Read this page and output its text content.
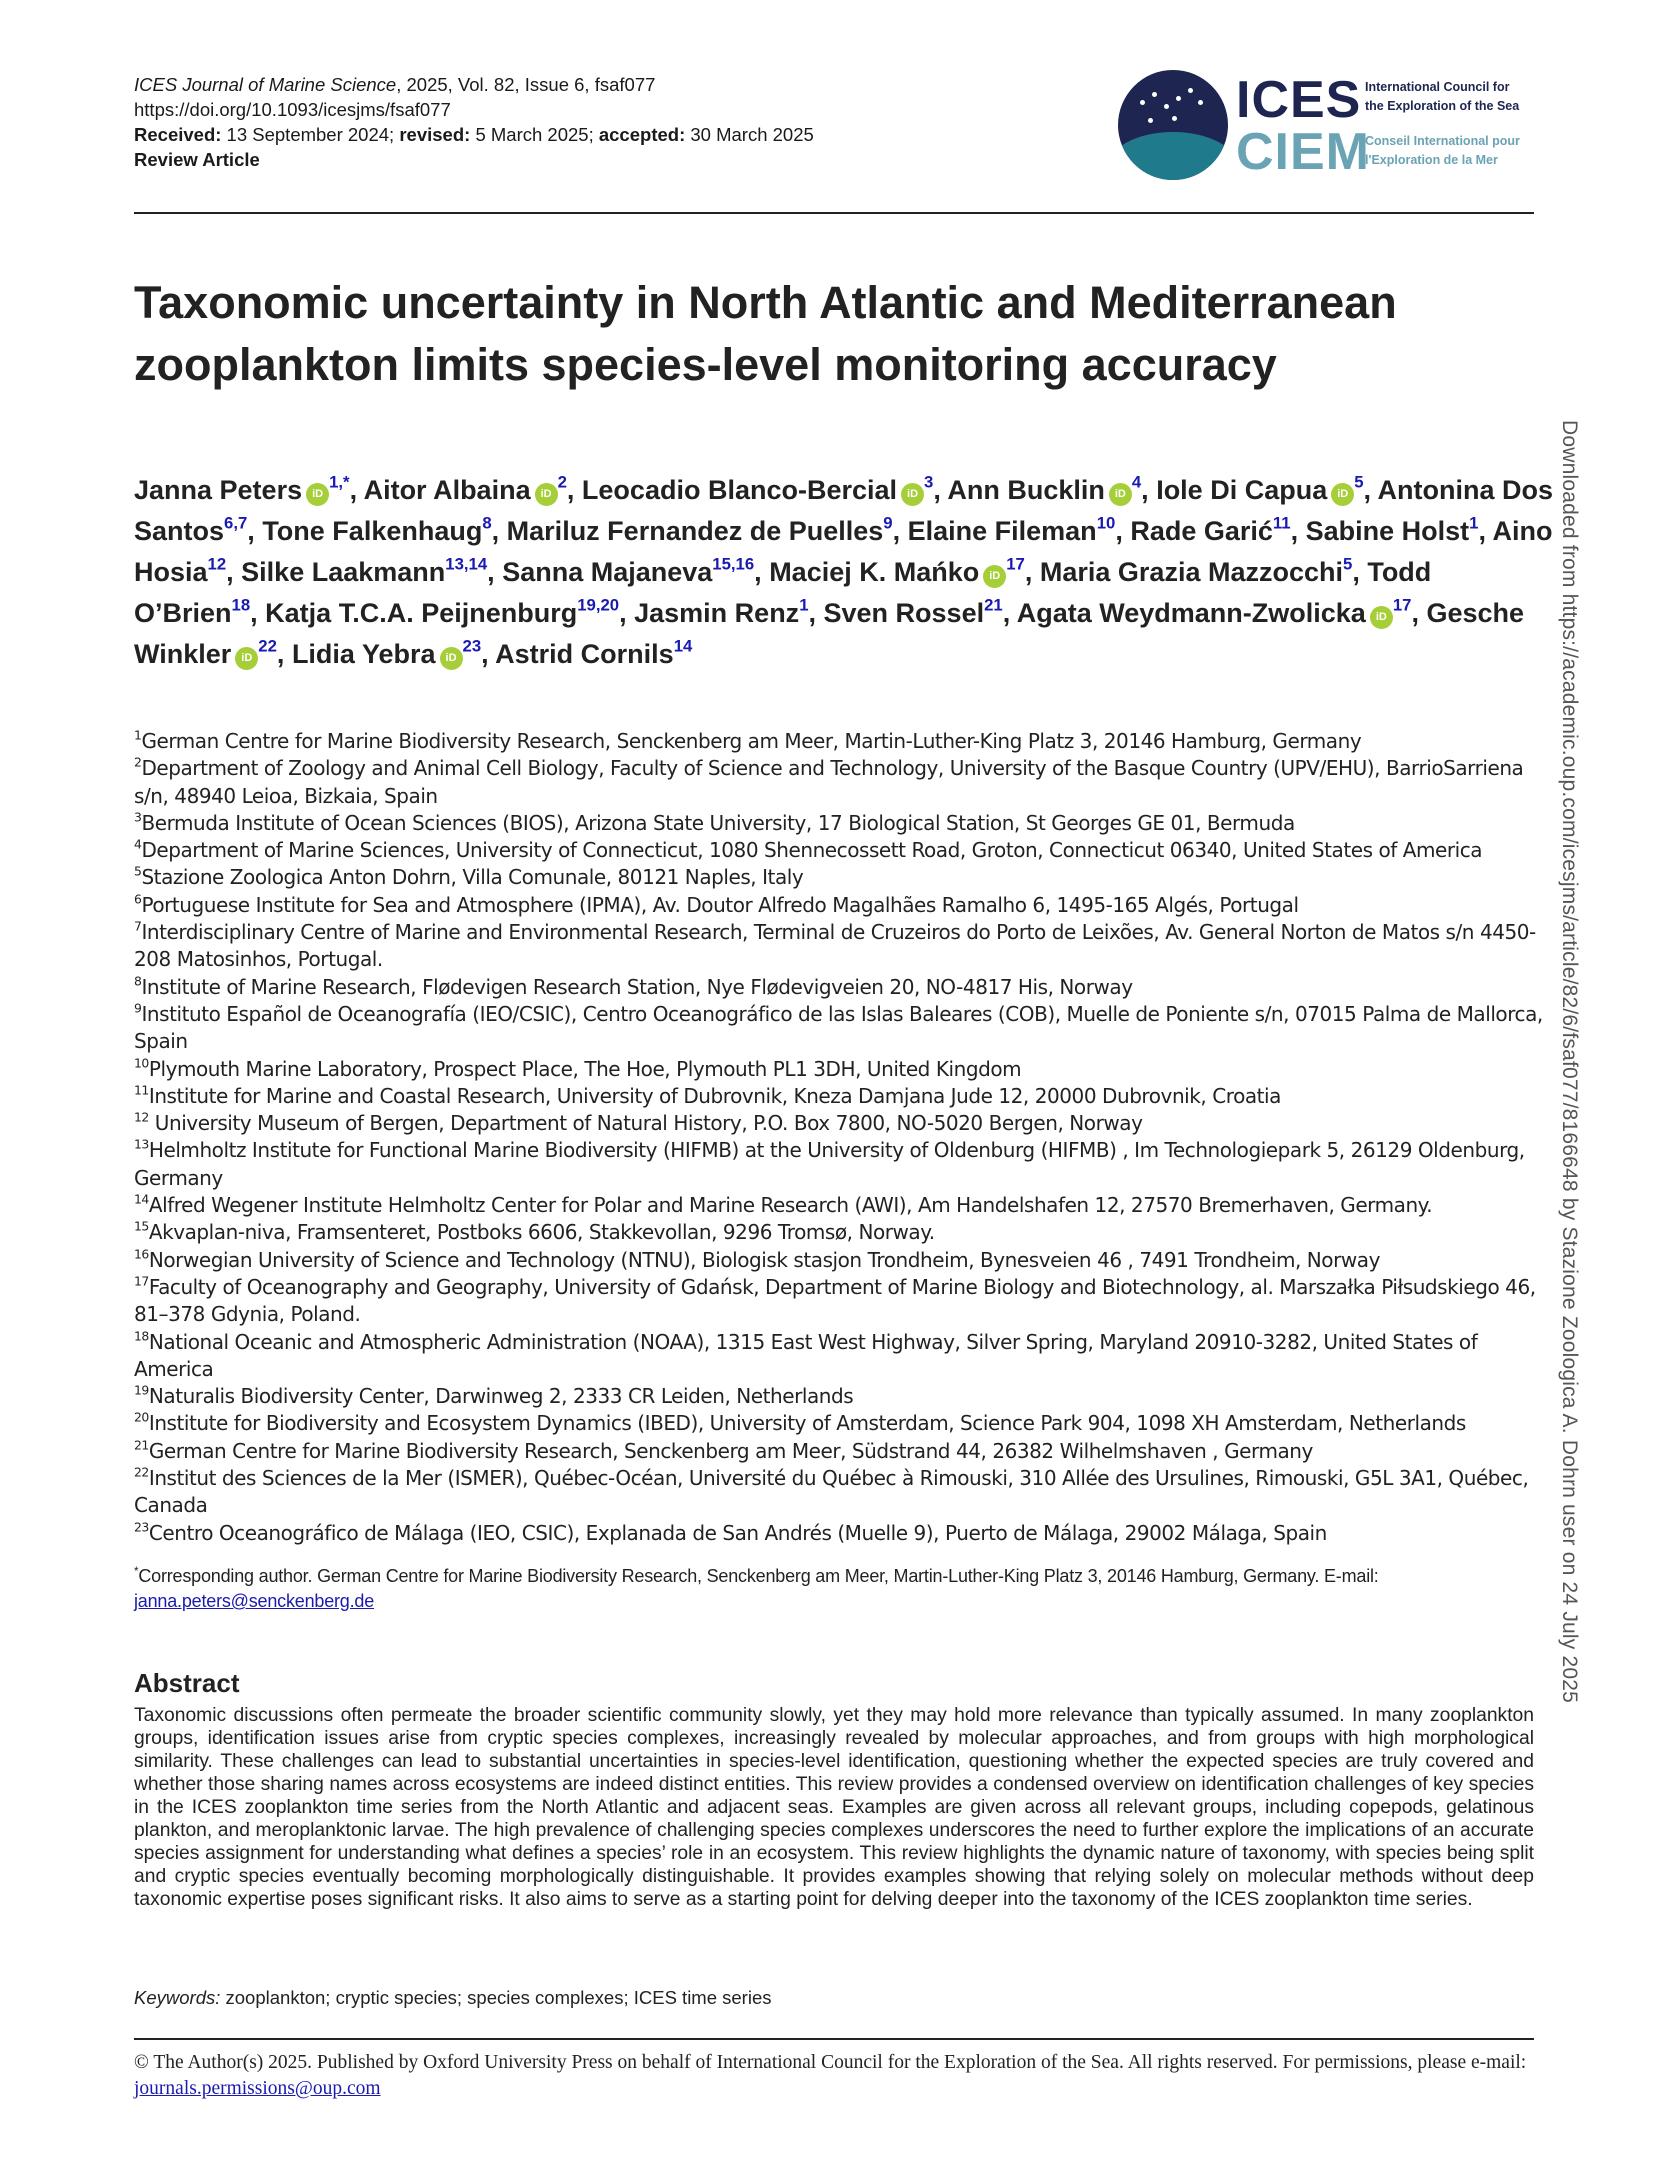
ICES Journal of Marine Science, 2025, Vol. 82, Issue 6, fsaf077
https://doi.org/10.1093/icesjms/fsaf077
Received: 13 September 2024; revised: 5 March 2025; accepted: 30 March 2025
Review Article
ICES
CIEM
International Council for
the Exploration of the Sea
Conseil International pour
l'Exploration de la Mer
Taxonomic uncertainty in North Atlantic and Mediterranean zooplankton limits species-level monitoring accuracy
Janna Peters $iD^{1,*}$, Aitor Albaina $iD^2$, Leocadio Blanco-Bercial $iD^3$, Ann Bucklin $iD^4$, Iole Di Capua $iD^5$, Antonina Dos Santos$^{6,7}$, Tone Falkenhaug$^8$, Mariluz Fernandez de Puelles$^9$, Elaine Fileman$^{10}$, Rade Garić$^{11}$, Sabine Holst$^1$, Aino Hosia$^{12}$, Silke Laakmann$^{13,14}$, Sanna Majaneva$^{15,16}$, Maciej K. Mańko $iD^{17}$, Maria Grazia Mazzocchi$^5$, Todd O’Brien$^{18}$, Katja T.C.A. Peijnenburg$^{19,20}$, Jasmin Renz$^1$, Sven Rossel$^{21}$, Agata Weydmann-Zwolicka $iD^{17}$, Gesche Winkler $iD^{22}$, Lidia Yebra $iD^{23}$, Astrid Cornils$^{14}$
$^1$German Centre for Marine Biodiversity Research, Senckenberg am Meer, Martin-Luther-King Platz 3, 20146 Hamburg, Germany
$^2$Department of Zoology and Animal Cell Biology, Faculty of Science and Technology, University of the Basque Country (UPV/EHU), BarrioSarriena s/n, 48940 Leioa, Bizkaia, Spain
$^3$Bermuda Institute of Ocean Sciences (BIOS), Arizona State University, 17 Biological Station, St Georges GE 01, Bermuda
$^4$Department of Marine Sciences, University of Connecticut, 1080 Shennecossett Road, Groton, Connecticut 06340, United States of America
$^5$Stazione Zoologica Anton Dohrn, Villa Comunale, 80121 Naples, Italy
$^6$Portuguese Institute for Sea and Atmosphere (IPMA), Av. Doutor Alfredo Magalhães Ramalho 6, 1495-165 Algés, Portugal
$^7$Interdisciplinary Centre of Marine and Environmental Research, Terminal de Cruzeiros do Porto de Leixões, Av. General Norton de Matos s/n 4450-208 Matosinhos, Portugal.
$^8$Institute of Marine Research, Flødevigen Research Station, Nye Flødevigveien 20, NO-4817 His, Norway
$^9$Instituto Español de Oceanografía (IEO/CSIC), Centro Oceanográfico de las Islas Baleares (COB), Muelle de Poniente s/n, 07015 Palma de Mallorca, Spain
$^{10}$Plymouth Marine Laboratory, Prospect Place, The Hoe, Plymouth PL1 3DH, United Kingdom
$^{11}$Institute for Marine and Coastal Research, University of Dubrovnik, Kneza Damjana Jude 12, 20000 Dubrovnik, Croatia
$^{12}$ University Museum of Bergen, Department of Natural History, P.O. Box 7800, NO-5020 Bergen, Norway
$^{13}$Helmholtz Institute for Functional Marine Biodiversity (HIFMB) at the University of Oldenburg (HIFMB) , Im Technologiepark 5, 26129 Oldenburg, Germany
$^{14}$Alfred Wegener Institute Helmholtz Center for Polar and Marine Research (AWI), Am Handelshafen 12, 27570 Bremerhaven, Germany.
$^{15}$Akvaplan-niva, Framsenteret, Postboks 6606, Stakkevollan, 9296 Tromsø, Norway.
$^{16}$Norwegian University of Science and Technology (NTNU), Biologisk stasjon Trondheim, Bynesveien 46 , 7491 Trondheim, Norway
$^{17}$Faculty of Oceanography and Geography, University of Gdańsk, Department of Marine Biology and Biotechnology, al. Marszałka Piłsudskiego 46, 81–378 Gdynia, Poland.
$^{18}$National Oceanic and Atmospheric Administration (NOAA), 1315 East West Highway, Silver Spring, Maryland 20910-3282, United States of America
$^{19}$Naturalis Biodiversity Center, Darwinweg 2, 2333 CR Leiden, Netherlands
$^{20}$Institute for Biodiversity and Ecosystem Dynamics (IBED), University of Amsterdam, Science Park 904, 1098 XH Amsterdam, Netherlands
$^{21}$German Centre for Marine Biodiversity Research, Senckenberg am Meer, Südstrand 44, 26382 Wilhelmshaven , Germany
$^{22}$Institut des Sciences de la Mer (ISMER), Québec-Océan, Université du Québec à Rimouski, 310 Allée des Ursulines, Rimouski, G5L 3A1, Québec, Canada
$^{23}$Centro Oceanográfico de Málaga (IEO, CSIC), Explanada de San Andrés (Muelle 9), Puerto de Málaga, 29002 Málaga, Spain
*Corresponding author. German Centre for Marine Biodiversity Research, Senckenberg am Meer, Martin-Luther-King Platz 3, 20146 Hamburg, Germany. E-mail: janna.peters@senckenberg.de
Abstract

Taxonomic discussions often permeate the broader scientific community slowly, yet they may hold more relevance than typically assumed. In many zooplankton groups, identification issues arise from cryptic species complexes, increasingly revealed by molecular approaches, and from groups with high morphological similarity. These challenges can lead to substantial uncertainties in species-level identification, questioning whether the expected species are truly covered and whether those sharing names across ecosystems are indeed distinct entities. This review provides a condensed overview on identification challenges of key species in the ICES zooplankton time series from the North Atlantic and adjacent seas. Examples are given across all relevant groups, including copepods, gelatinous plankton, and meroplanktonic larvae. The high prevalence of challenging species complexes underscores the need to further explore the implications of an accurate species assignment for understanding what defines a species’ role in an ecosystem. This review highlights the dynamic nature of taxonomy, with species being split and cryptic species eventually becoming morphologically distinguishable. It provides examples showing that relying solely on molecular methods without deep taxonomic expertise poses significant risks. It also aims to serve as a starting point for delving deeper into the taxonomy of the ICES zooplankton time series.

Keywords: zooplankton; cryptic species; species complexes; ICES time series
© The Author(s) 2025. Published by Oxford University Press on behalf of International Council for the Exploration of the Sea. All rights reserved. For permissions, please e-mail: journals.permissions@oup.com
Downloaded from https://academic.oup.com/icesjms/article/82/6/fsaf077/8166648 by Stazione Zoologica A. Dohrn user on 24 July 2025
